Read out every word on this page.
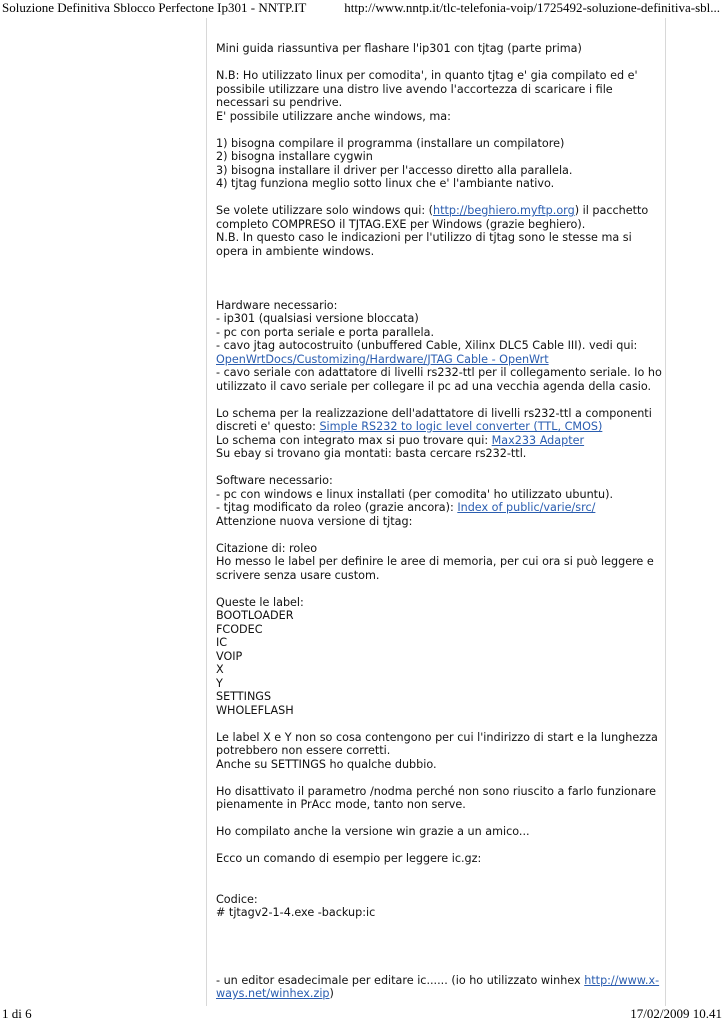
Soluzione Definitiva Sblocco Perfectone Ip301 - NNTP.IT	http://www.nntp.it/tlc-telefonia-voip/1725492-soluzione-definitiva-sbl...

Mini guida riassuntiva per flashare l'ip301 con tjtag (parte prima)

N.B: Ho utilizzato linux per comodita', in quanto tjtag e' gia compilato ed e' possibile utilizzare una distro live avendo l'accortezza di scaricare i file necessari su pendrive.

E' possibile utilizzare anche windows, ma:

1) bisogna compilare il programma (installare un compilatore)

2) bisogna installare cygwin

3) bisogna installare il driver per l'accesso diretto alla parallela.

4) tjtag funziona meglio sotto linux che e' l'ambiante nativo.

Se volete utilizzare solo windows qui: (http://beghiero.myftp.org) il pacchetto completo COMPRESO il TJTAG.EXE per Windows (grazie beghiero).

N.B. In questo caso le indicazioni per l'utilizzo di tjtag sono le stesse ma si opera in ambiente windows.

Hardware necessario:

- ip301 (qualsiasi versione bloccata)

- pc con porta seriale e porta parallela.

- cavo jtag autocostruito (unbuffered Cable, Xilinx DLC5 Cable III). vedi qui:

OpenWrtDocs/Customizing/Hardware/JTAG Cable - OpenWrt

- cavo seriale con adattatore di livelli rs232-ttl per il collegamento seriale. Io ho utilizzato il cavo seriale per collegare il pc ad una vecchia agenda della casio.

Lo schema per la realizzazione dell'adattatore di livelli rs232-ttl a componenti discreti e' questo: Simple RS232 to logic level converter (TTL, CMOS)

Lo schema con integrato max si puo trovare qui: Max233 Adapter

Su ebay si trovano gia montati: basta cercare rs232-ttl.

Software necessario:

- pc con windows e linux installati (per comodita' ho utilizzato ubuntu).

- tjtag modificato da roleo (grazie ancora): Index of public/varie/src/

Attenzione nuova versione di tjtag:

Citazione di: roleo

Ho messo le label per definire le aree di memoria, per cui ora si può leggere e scrivere senza usare custom.

Queste le label:

BOOTLOADER

FCODEC

IC

VOIP

X

Y

SETTINGS

WHOLEFLASH

Le label X e Y non so cosa contengono per cui l'indirizzo di start e la lunghezza potrebbero non essere corretti.

Anche su SETTINGS ho qualche dubbio.

Ho disattivato il parametro /nodma perché non sono riuscito a farlo funzionare pienamente in PrAcc mode, tanto non serve.

Ho compilato anche la versione win grazie a un amico...

Ecco un comando di esempio per leggere ic.gz:

Codice:

# tjtagv2-1-4.exe -backup:ic

- un editor esadecimale per editare ic...... (io ho utilizzato winhex http://www.x-ways.net/winhex.zip)

1 di 6	17/02/2009 10.41
